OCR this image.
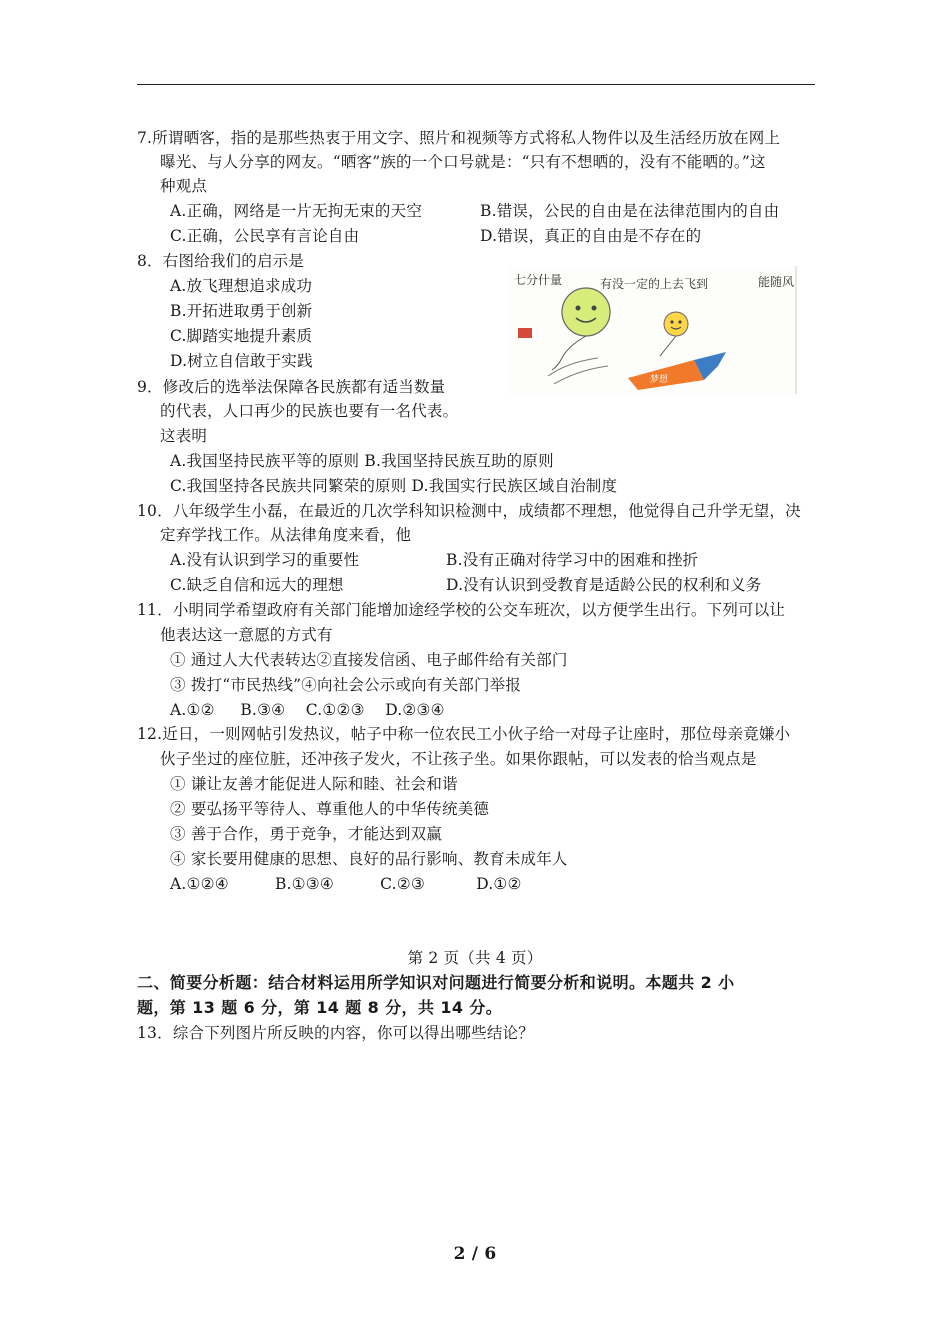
7.所谓晒客，指的是那些热衷于用文字、照片和视频等方式将私人物件以及生活经历放在网上
曝光、与人分享的网友。“晒客”族的一个口号就是：“只有不想晒的，没有不能晒的。”这
种观点
A.正确，网络是一片无拘无束的天空	B.错误，公民的自由是在法律范围内的自由
C.正确，公民享有言论自由	D.错误，真正的自由是不存在的
8．右图给我们的启示是
A.放飞理想追求成功
B.开拓进取勇于创新
C.脚踏实地提升素质
D.树立自信敢于实践
七分什量	有没一定的上去飞到	能随风
梦想
9．修改后的选举法保障各民族都有适当数量
的代表，人口再少的民族也要有一名代表。
这表明
A.我国坚持民族平等的原则 B.我国坚持民族互助的原则
C.我国坚持各民族共同繁荣的原则 D.我国实行民族区域自治制度
10．八年级学生小磊，在最近的几次学科知识检测中，成绩都不理想，他觉得自己升学无望，决
定弃学找工作。从法律角度来看，他
A.没有认识到学习的重要性	B.没有正确对待学习中的困难和挫折
C.缺乏自信和远大的理想	D.没有认识到受教育是适龄公民的权利和义务
11．小明同学希望政府有关部门能增加途经学校的公交车班次，以方便学生出行。下列可以让
他表达这一意愿的方式有
① 通过人大代表转达②直接发信函、电子邮件给有关部门
③ 拨打“市民热线”④向社会公示或向有关部门举报
A.①②     B.③④    C.①②③    D.②③④
12.近日，一则网帖引发热议，帖子中称一位农民工小伙子给一对母子让座时，那位母亲竟嫌小
伙子坐过的座位脏，还冲孩子发火，不让孩子坐。如果你跟帖，可以发表的恰当观点是
① 谦让友善才能促进人际和睦、社会和谐
② 要弘扬平等待人、尊重他人的中华传统美德
③ 善于合作，勇于竞争，才能达到双赢
④ 家长要用健康的思想、良好的品行影响、教育未成年人
A.①②④         B.①③④         C.②③          D.①②
第 2 页（共 4 页）
二、简要分析题：结合材料运用所学知识对问题进行简要分析和说明。本题共 2 小
题，第 13 题 6 分，第 14 题 8 分，共 14 分。
13．综合下列图片所反映的内容，你可以得出哪些结论？
2 / 6
